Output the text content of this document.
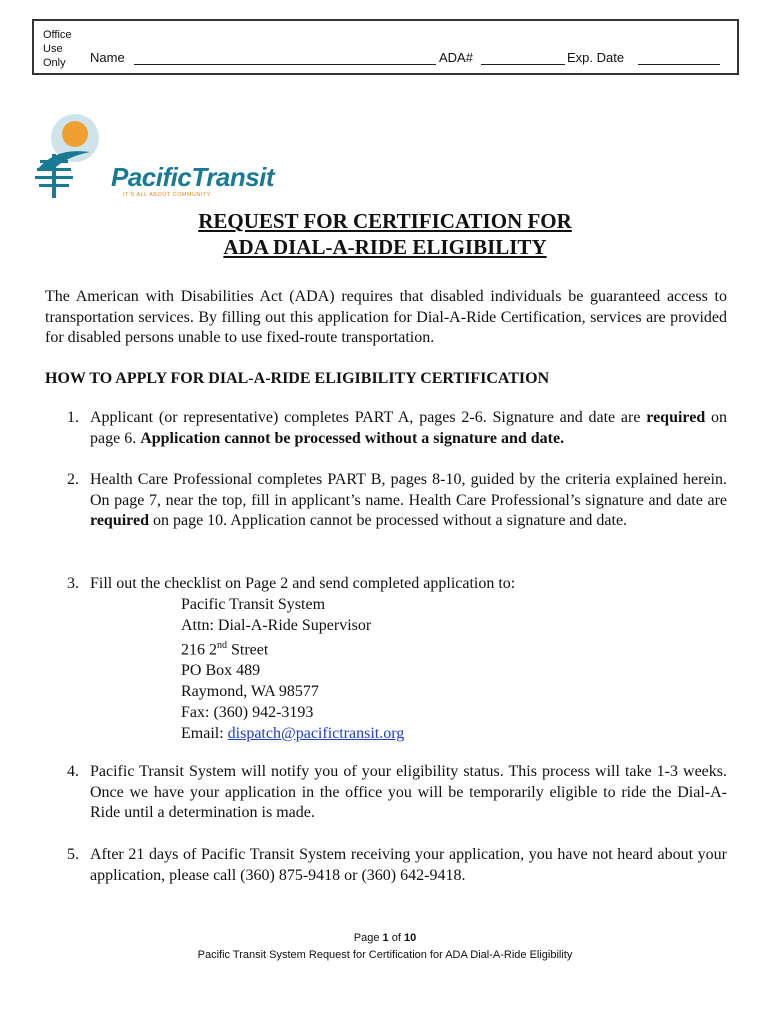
Office
Use
Only	Name	ADA#	Exp. Date
PacificTransit
IT'S ALL ABOUT COMMUNITY
REQUEST FOR CERTIFICATION FOR
ADA DIAL-A-RIDE ELIGIBILITY
The American with Disabilities Act (ADA) requires that disabled individuals be guaranteed access to transportation services. By filling out this application for Dial-A-Ride Certification, services are provided for disabled persons unable to use fixed-route transportation.
HOW TO APPLY FOR DIAL-A-RIDE ELIGIBILITY CERTIFICATION
1. Applicant (or representative) completes PART A, pages 2-6. Signature and date are required on page 6. Application cannot be processed without a signature and date.
2. Health Care Professional completes PART B, pages 8-10, guided by the criteria explained herein. On page 7, near the top, fill in applicant’s name. Health Care Professional’s signature and date are required on page 10. Application cannot be processed without a signature and date.
3. Fill out the checklist on Page 2 and send completed application to:
Pacific Transit System
Attn: Dial-A-Ride Supervisor
216 2nd Street
PO Box 489
Raymond, WA 98577
Fax: (360) 942-3193
Email: dispatch@pacifictransit.org
4. Pacific Transit System will notify you of your eligibility status. This process will take 1-3 weeks. Once we have your application in the office you will be temporarily eligible to ride the Dial-A-Ride until a determination is made.
5. After 21 days of Pacific Transit System receiving your application, you have not heard about your application, please call (360) 875-9418 or (360) 642-9418.
Page 1 of 10
Pacific Transit System Request for Certification for ADA Dial-A-Ride Eligibility
